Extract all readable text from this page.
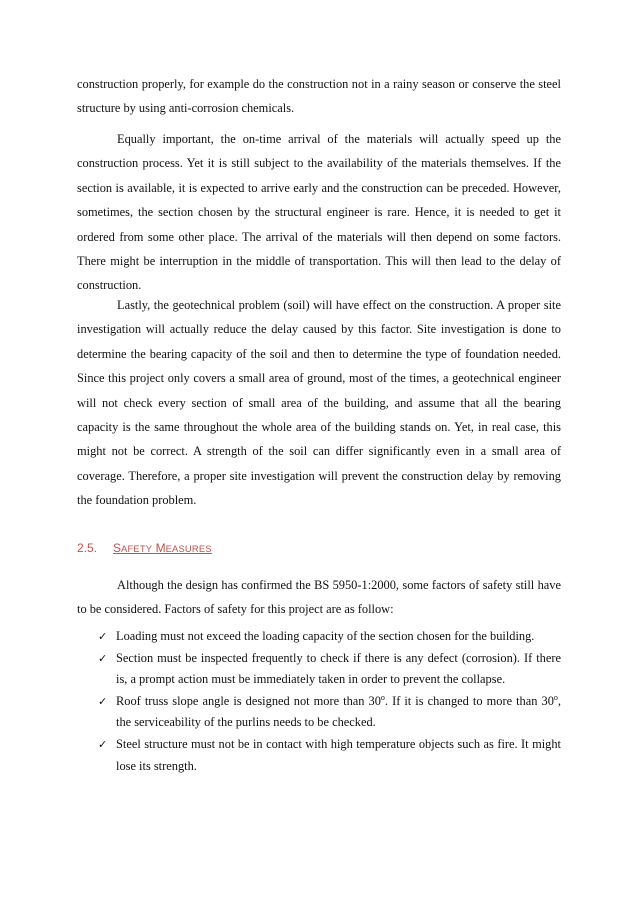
construction properly, for example do the construction not in a rainy season or conserve the steel structure by using anti-corrosion chemicals.

Equally important, the on-time arrival of the materials will actually speed up the construction process. Yet it is still subject to the availability of the materials themselves. If the section is available, it is expected to arrive early and the construction can be preceded. However, sometimes, the section chosen by the structural engineer is rare. Hence, it is needed to get it ordered from some other place. The arrival of the materials will then depend on some factors. There might be interruption in the middle of transportation. This will then lead to the delay of construction.

Lastly, the geotechnical problem (soil) will have effect on the construction. A proper site investigation will actually reduce the delay caused by this factor. Site investigation is done to determine the bearing capacity of the soil and then to determine the type of foundation needed. Since this project only covers a small area of ground, most of the times, a geotechnical engineer will not check every section of small area of the building, and assume that all the bearing capacity is the same throughout the whole area of the building stands on. Yet, in real case, this might not be correct. A strength of the soil can differ significantly even in a small area of coverage. Therefore, a proper site investigation will prevent the construction delay by removing the foundation problem.

2.5. SAFETY MEASURES

Although the design has confirmed the BS 5950-1:2000, some factors of safety still have to be considered. Factors of safety for this project are as follow:

✓ Loading must not exceed the loading capacity of the section chosen for the building.
✓ Section must be inspected frequently to check if there is any defect (corrosion). If there is, a prompt action must be immediately taken in order to prevent the collapse.
✓ Roof truss slope angle is designed not more than 30$^o$. If it is changed to more than 30$^o$, the serviceability of the purlins needs to be checked.
✓ Steel structure must not be in contact with high temperature objects such as fire. It might lose its strength.
